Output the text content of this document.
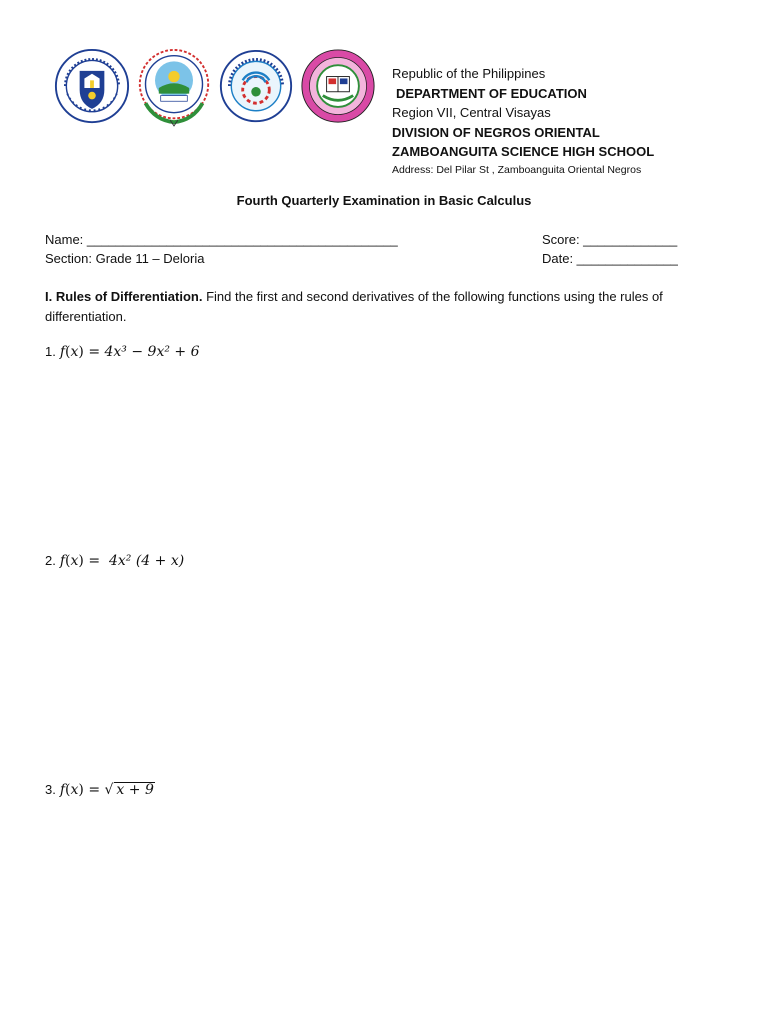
Republic of the Philippines
DEPARTMENT OF EDUCATION
Region VII, Central Visayas
DIVISION OF NEGROS ORIENTAL
ZAMBOANGUITA SCIENCE HIGH SCHOOL
Address: Del Pilar St , Zamboanguita Oriental Negros
Fourth Quarterly Examination in Basic Calculus
Name: ___________________________________________
Section: Grade 11 – Deloria
Score: _____________
Date: ______________
I. Rules of Differentiation. Find the first and second derivatives of the following functions using the rules of differentiation.
1. f(x) = 4x³ − 9x² + 6
2. f(x) =  4x² (4 + x)
3. f(x) = √ x + 9
